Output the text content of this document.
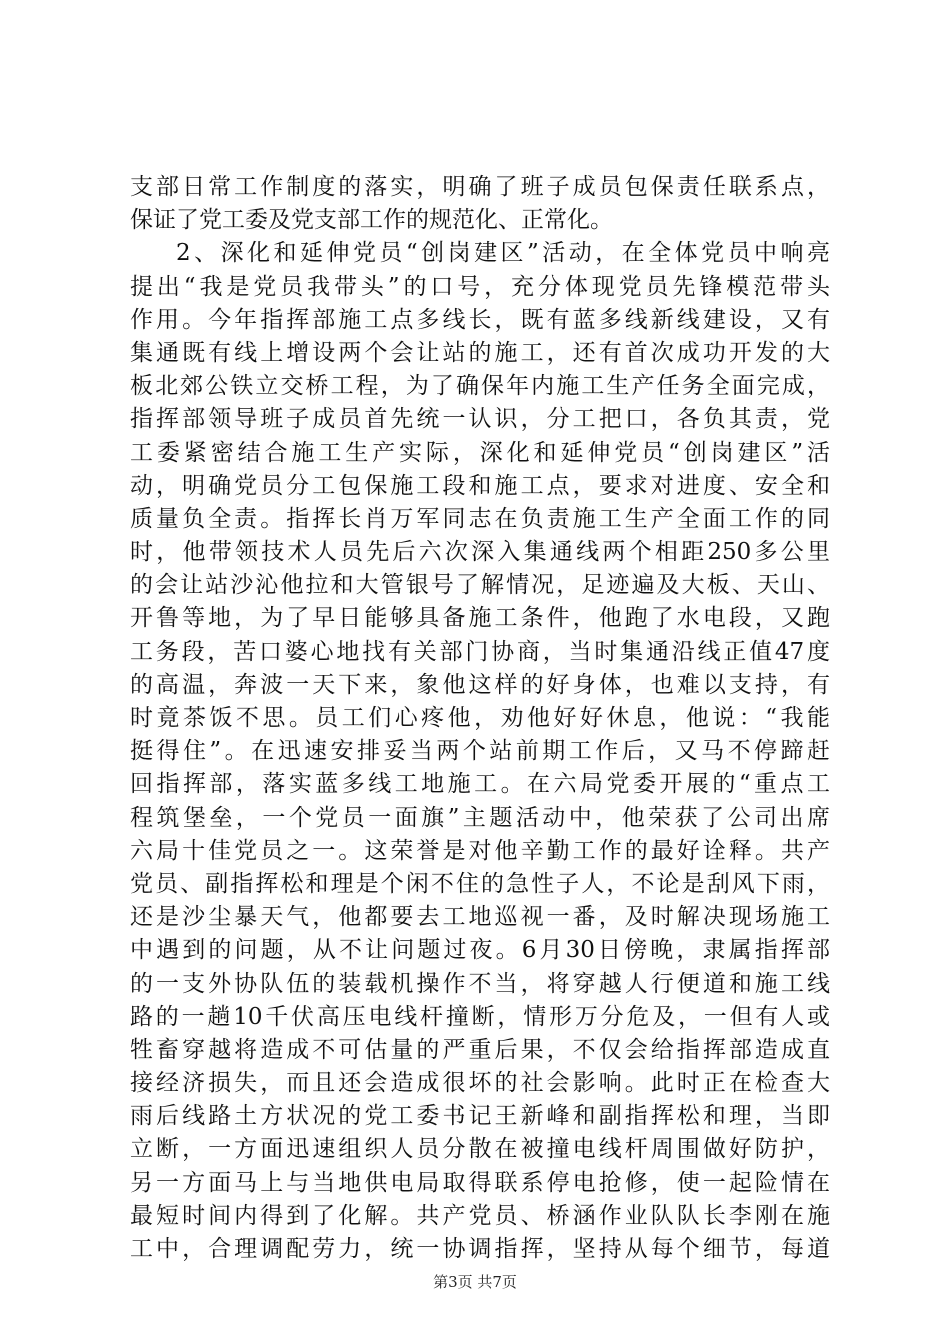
支部日常工作制度的落实，明确了班子成员包保责任联系点，
保证了党工委及党支部工作的规范化、正常化。
2、深化和延伸党员“创岗建区”活动，在全体党员中响亮
提出“我是党员我带头”的口号，充分体现党员先锋模范带头
作用。今年指挥部施工点多线长，既有蓝多线新线建设，又有
集通既有线上增设两个会让站的施工，还有首次成功开发的大
板北郊公铁立交桥工程，为了确保年内施工生产任务全面完成，
指挥部领导班子成员首先统一认识，分工把口，各负其责，党
工委紧密结合施工生产实际，深化和延伸党员“创岗建区”活
动，明确党员分工包保施工段和施工点，要求对进度、安全和
质量负全责。指挥长肖万军同志在负责施工生产全面工作的同
时，他带领技术人员先后六次深入集通线两个相距250多公里
的会让站沙沁他拉和大管银号了解情况，足迹遍及大板、天山、
开鲁等地，为了早日能够具备施工条件，他跑了水电段，又跑
工务段，苦口婆心地找有关部门协商，当时集通沿线正值47度
的高温，奔波一天下来，象他这样的好身体，也难以支持，有
时竟茶饭不思。员工们心疼他，劝他好好休息，他说：“我能
挺得住”。在迅速安排妥当两个站前期工作后，又马不停蹄赶
回指挥部，落实蓝多线工地施工。在六局党委开展的“重点工
程筑堡垒，一个党员一面旗”主题活动中，他荣获了公司出席
六局十佳党员之一。这荣誉是对他辛勤工作的最好诠释。共产
党员、副指挥松和理是个闲不住的急性子人，不论是刮风下雨，
还是沙尘暴天气，他都要去工地巡视一番，及时解决现场施工
中遇到的问题，从不让问题过夜。6月30日傍晚，隶属指挥部
的一支外协队伍的装载机操作不当，将穿越人行便道和施工线
路的一趟10千伏高压电线杆撞断，情形万分危及，一但有人或
牲畜穿越将造成不可估量的严重后果，不仅会给指挥部造成直
接经济损失，而且还会造成很坏的社会影响。此时正在检查大
雨后线路土方状况的党工委书记王新峰和副指挥松和理，当即
立断，一方面迅速组织人员分散在被撞电线杆周围做好防护，
另一方面马上与当地供电局取得联系停电抢修，使一起险情在
最短时间内得到了化解。共产党员、桥涵作业队队长李刚在施
工中，合理调配劳力，统一协调指挥，坚持从每个细节，每道
第3页 共7页
